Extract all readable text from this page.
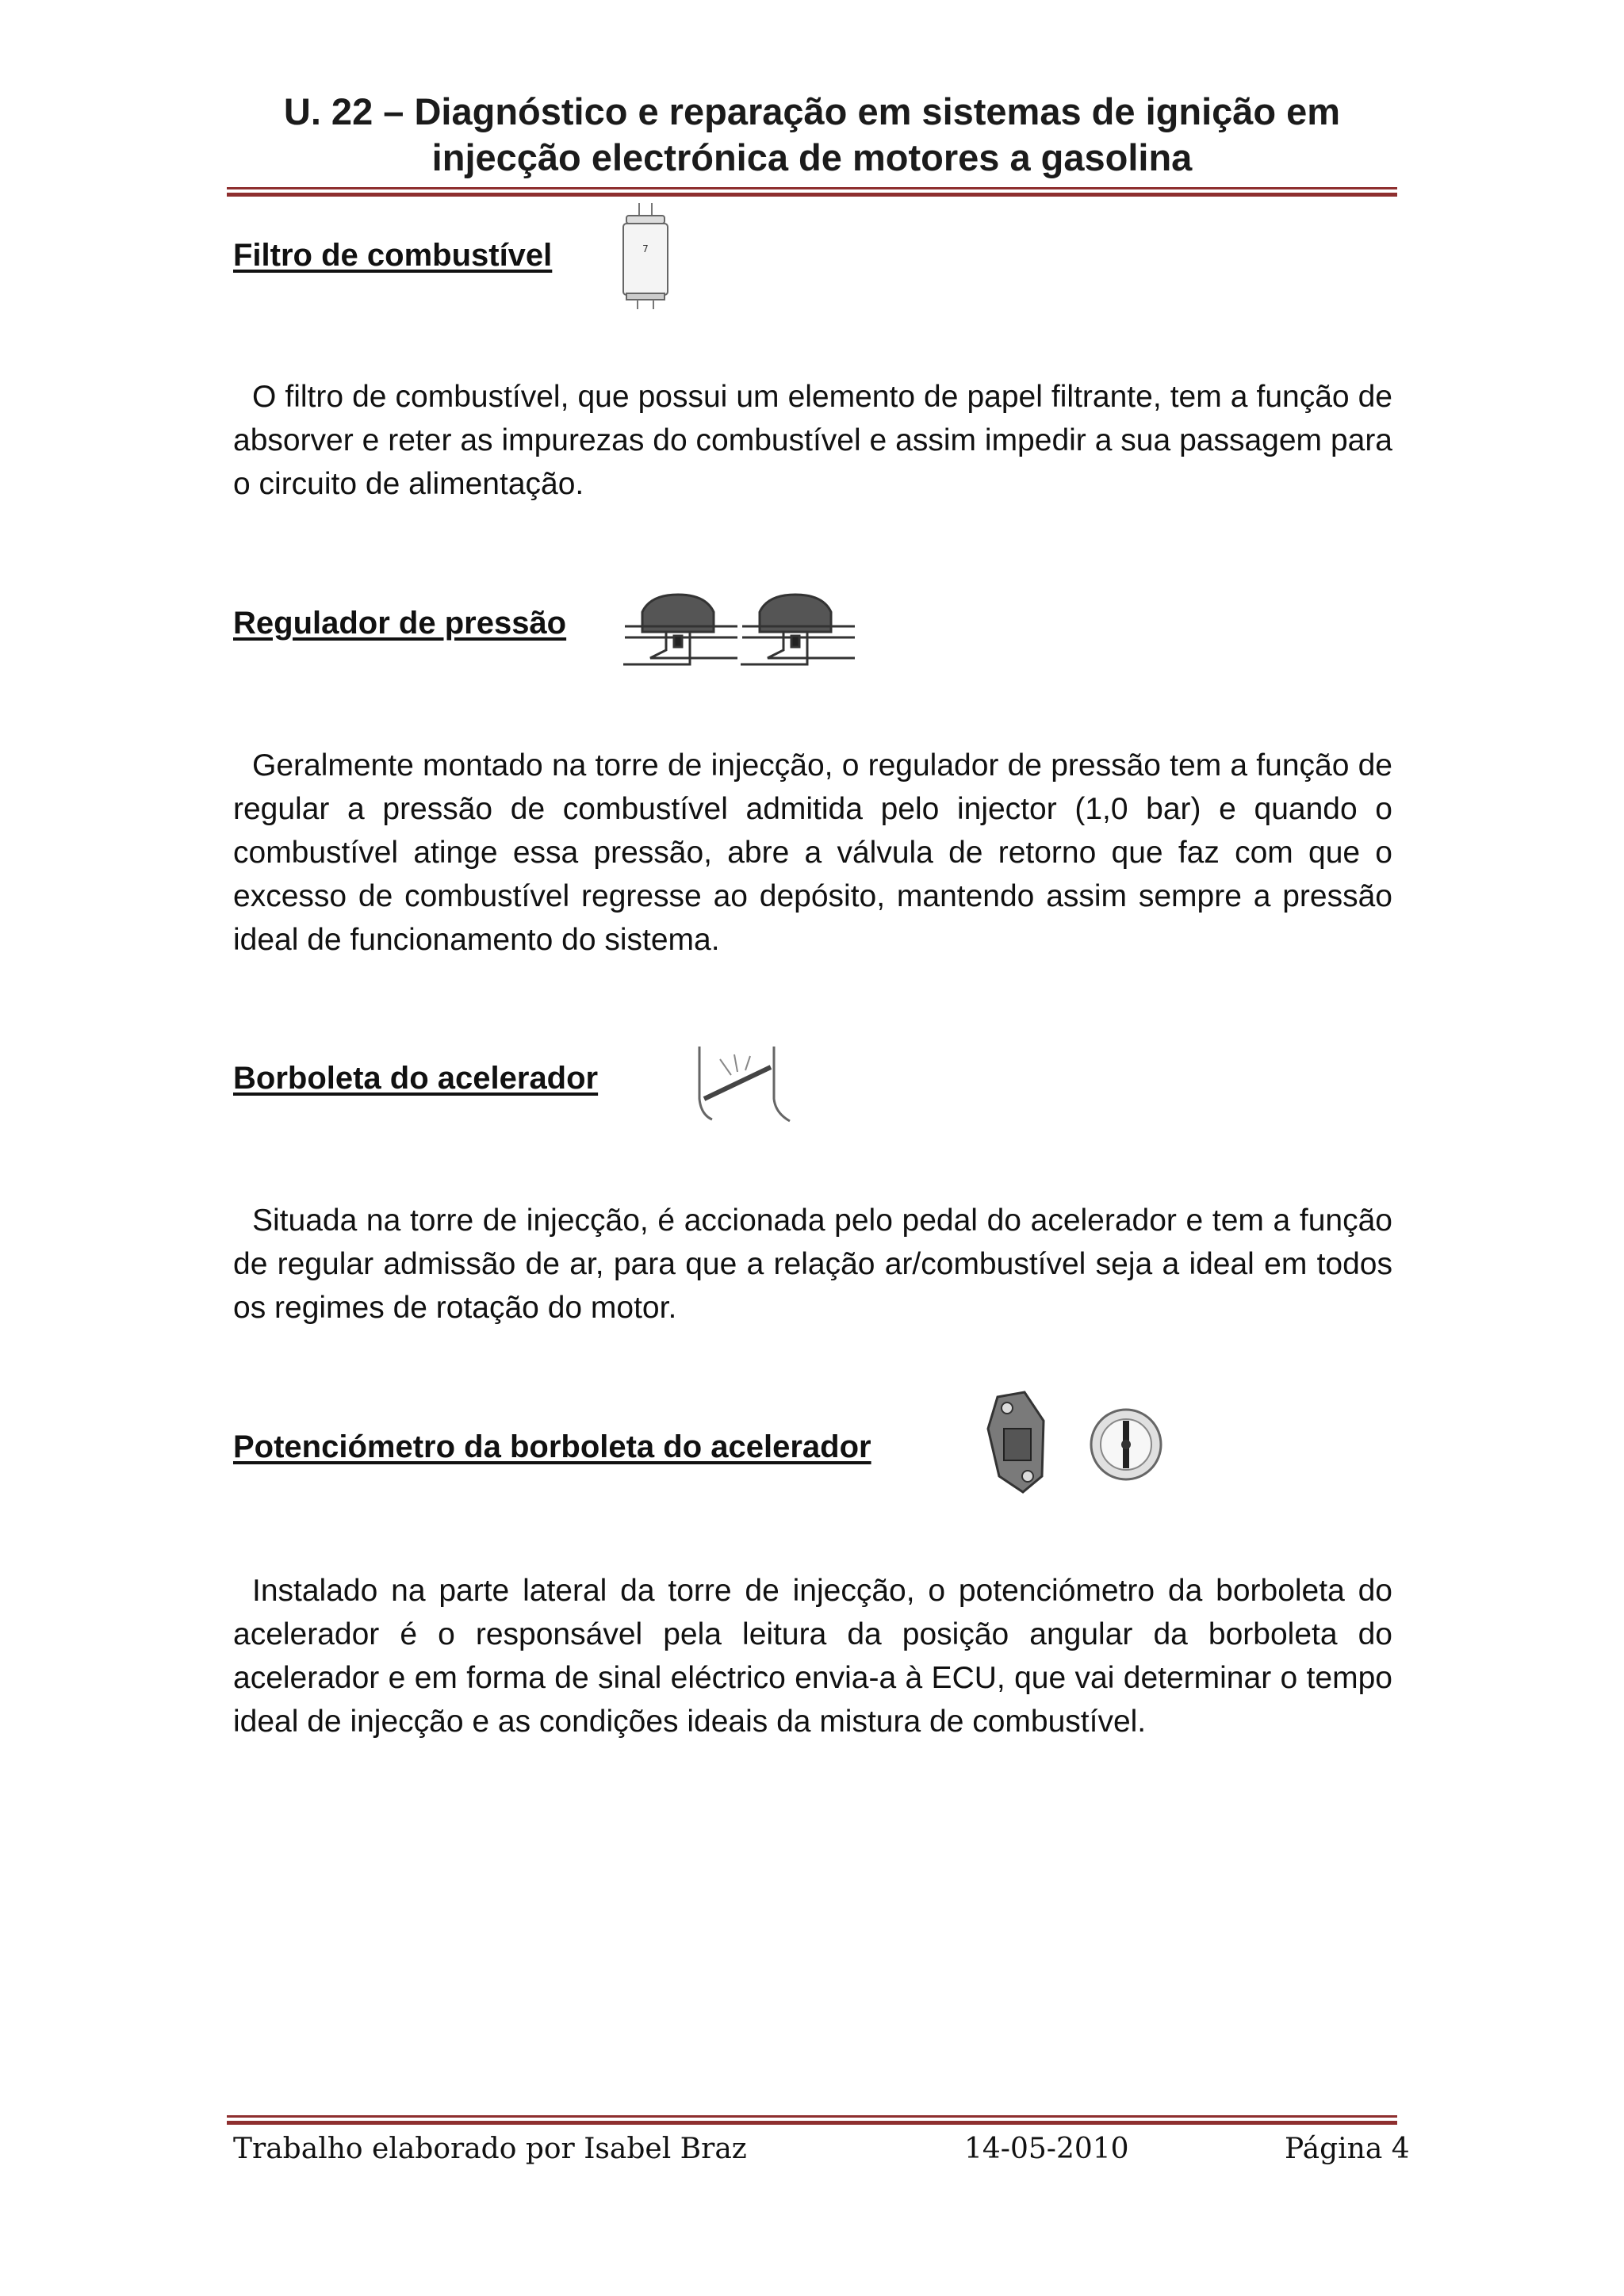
U. 22 – Diagnóstico e reparação em sistemas de ignição em
injecção electrónica de motores a gasolina
Filtro de combustível	7

O filtro de combustível, que possui um elemento de papel filtrante, tem a função de absorver e reter as impurezas do combustível e assim impedir a sua passagem para o circuito de alimentação.

Regulador de pressão

Geralmente montado na torre de injecção, o regulador de pressão tem a função de regular a pressão de combustível admitida pelo injector (1,0 bar) e quando o combustível atinge essa pressão, abre a válvula de retorno que faz com que o excesso de combustível regresse ao depósito, mantendo assim sempre a pressão ideal de funcionamento do sistema.

Borboleta do acelerador

Situada na torre de injecção, é accionada pelo pedal do acelerador e tem a função de regular admissão de ar, para que a relação ar/combustível seja a ideal em todos os regimes de rotação do motor.

Potenciómetro da borboleta do acelerador

Instalado na parte lateral da torre de injecção, o potenciómetro da borboleta do acelerador é o responsável pela leitura da posição angular da borboleta do acelerador e em forma de sinal eléctrico envia-a à ECU, que vai determinar o tempo ideal de injecção e as condições ideais da mistura de combustível.

Trabalho elaborado por Isabel Braz	14-05-2010	Página 4
